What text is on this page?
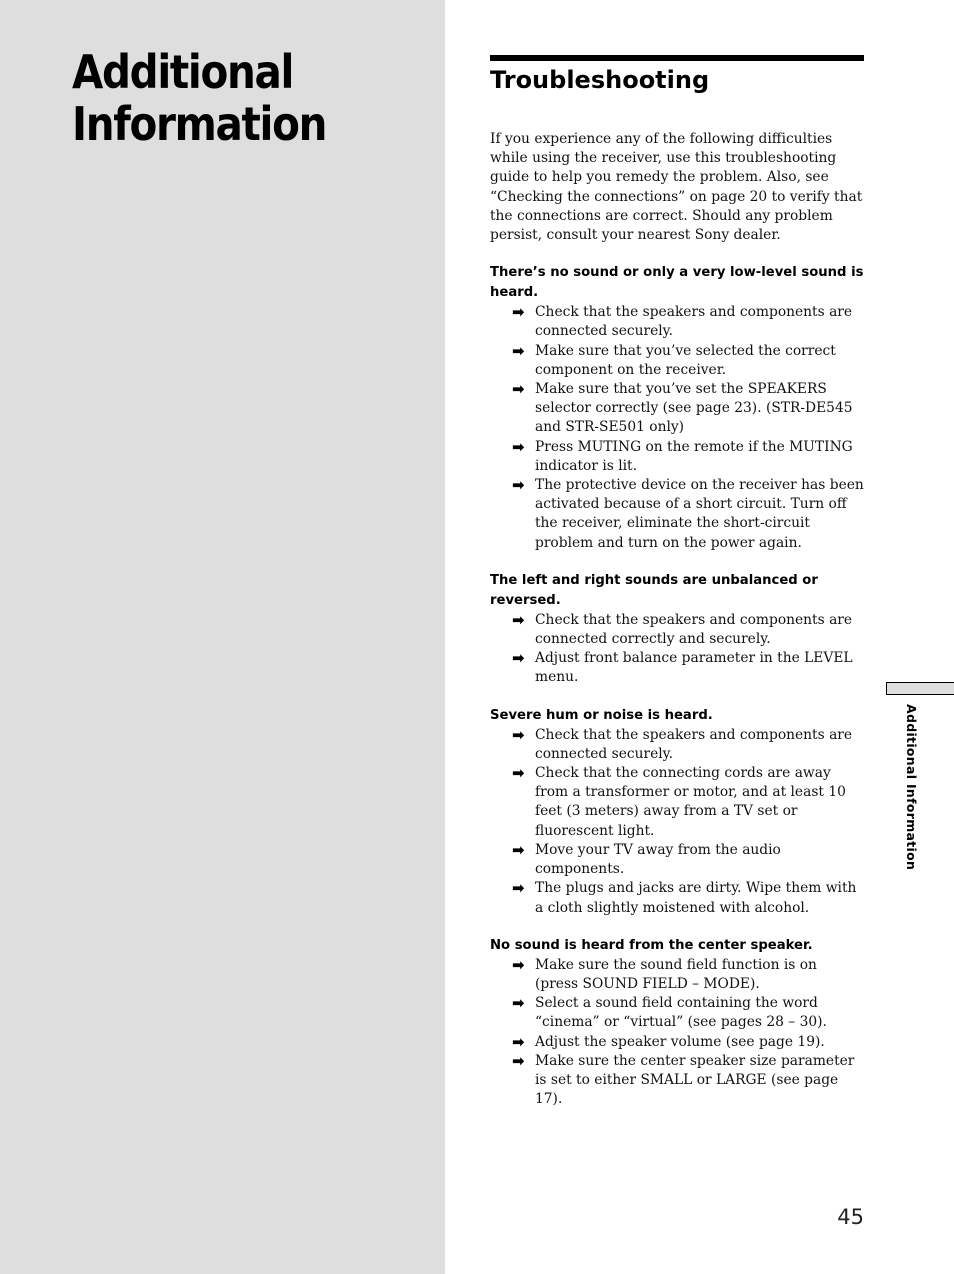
Additional
Information
Troubleshooting

If you experience any of the following difficulties while using the receiver, use this troubleshooting guide to help you remedy the problem. Also, see “Checking the connections” on page 20 to verify that the connections are correct. Should any problem persist, consult your nearest Sony dealer.

There’s no sound or only a very low-level sound is heard.
➡ Check that the speakers and components are connected securely.
➡ Make sure that you’ve selected the correct component on the receiver.
➡ Make sure that you’ve set the SPEAKERS selector correctly (see page 23). (STR-DE545 and STR-SE501 only)
➡ Press MUTING on the remote if the MUTING indicator is lit.
➡ The protective device on the receiver has been activated because of a short circuit. Turn off the receiver, eliminate the short-circuit problem and turn on the power again.
The left and right sounds are unbalanced or reversed.
➡ Check that the speakers and components are connected correctly and securely.
➡ Adjust front balance parameter in the LEVEL menu.
Severe hum or noise is heard.
➡ Check that the speakers and components are connected securely.
➡ Check that the connecting cords are away from a transformer or motor, and at least 10 feet (3 meters) away from a TV set or fluorescent light.
➡ Move your TV away from the audio components.
➡ The plugs and jacks are dirty. Wipe them with a cloth slightly moistened with alcohol.
No sound is heard from the center speaker.
➡ Make sure the sound field function is on (press SOUND FIELD – MODE).
➡ Select a sound field containing the word “cinema” or “virtual” (see pages 28 – 30).
➡ Adjust the speaker volume (see page 19).
➡ Make sure the center speaker size parameter is set to either SMALL or LARGE (see page 17).
Additional Information
45
